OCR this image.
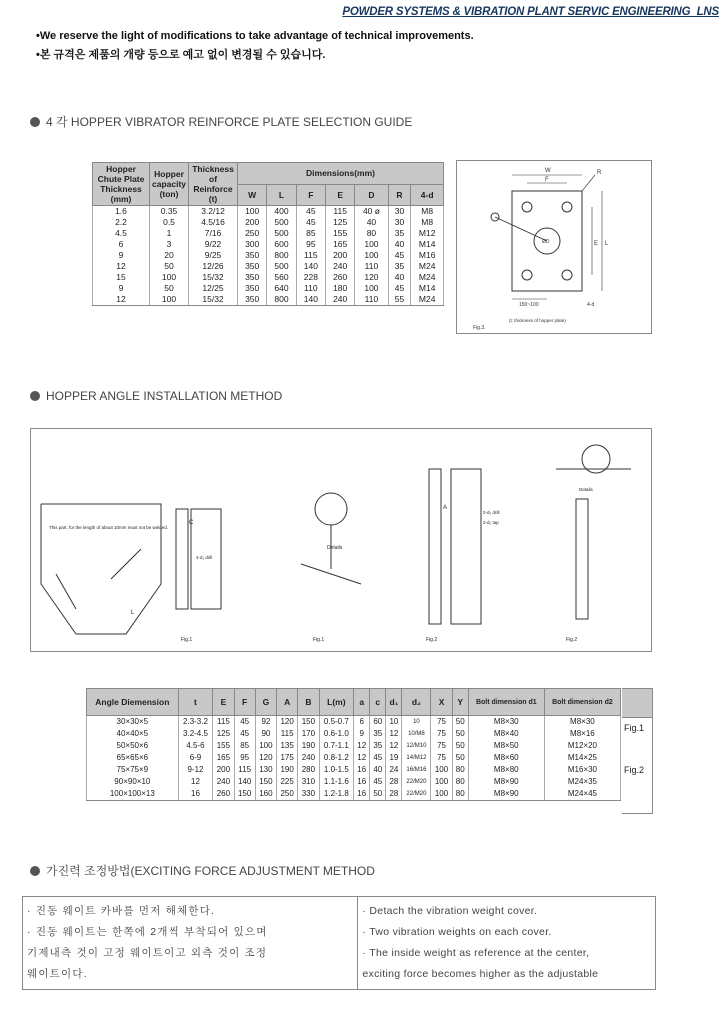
POWDER SYSTEMS & VIBRATION PLANT SERVIC ENGINEERING_LNS
•We reserve the light of modifications to take advantage of technical improvements.
•본 규격은 제품의 개량 등으로 예고 없이 변경될 수 있습니다.
4 각 HOPPER VIBRATOR REINFORCE PLATE SELECTION GUIDE
Hopper Chute Plate Thickness (mm)	Hopper capacity (ton)	Thickness of Reinforce (t)	Dimensions(mm)						
			W	L	F	E	D	R	4-d
1.6	0.35	3.2/12	100	400	45	115	40 ø	30	M8
2.2	0.5	4.5/16	200	500	45	125	40	30	M8
4.5	1	7/16	250	500	85	155	80	35	M12
6	3	9/22	300	600	95	165	100	40	M14
9	20	9/25	350	800	115	200	100	45	M16
12	50	12/26	350	500	140	240	110	35	M24
15	100	15/32	350	560	228	260	120	40	M24
9	50	12/25	350	640	110	180	100	45	M14
12	100	15/32	350	800	140	240	110	55	M24
W
F
R
E L
ØD
150~100	4-d
Fig.3.
(t: thickness of hopper plate)
HOPPER ANGLE INSTALLATION METHOD
This part, for the length of about 10mm must not be welded.
L
C
4-d₁ drill
Fig.1
Details
Fig.1
A
2-d₂ drill
2-d₂ tap
Fig.2
Details
Fig.2
Angle Diemension	t	E	F	G	A	B	L(m)	a	c	d₁	d₂	X	Y	Bolt dimension d1	Bolt dimension d2
30×30×5	2.3-3.2	115	45	92	120	150	0.5-0.7	6	60	10	10	75	50	M8×30	M8×30
40×40×5	3.2-4.5	125	45	90	115	170	0.6-1.0	9	35	12	10/M8	75	50	M8×40	M8×16
50×50×6	4.5-6	155	85	100	135	190	0.7-1.1	12	35	12	12/M10	75	50	M8×50	M12×20
65×65×6	6-9	165	95	120	175	240	0.8-1.2	12	45	19	14/M12	75	50	M8×60	M14×25
75×75×9	9-12	200	115	130	190	280	1.0-1.5	16	40	24	16/M16	100	80	M8×80	M16×30
90×90×10	12	240	140	150	225	310	1.1-1.6	16	45	28	22/M20	100	80	M8×90	M24×35
100×100×13	16	260	150	160	250	330	1.2-1.8	16	50	28	22/M20	100	80	M8×90	M24×45
Fig.1
Fig.2
가진력 조정방법(EXCITING FORCE ADJUSTMENT METHOD
· 진동 웨이트 카바를 먼저 해체한다.
· 진동 웨이트는 한쪽에 2개씩 부착되어 있으며
기제내측 것이 고정 웨이트이고 외측 것이 조정
웨이트이다.
· Detach the vibration weight cover.
· Two vibration weights on each cover.
· The inside weight as reference at the center,
exciting force becomes higher as the adjustable
